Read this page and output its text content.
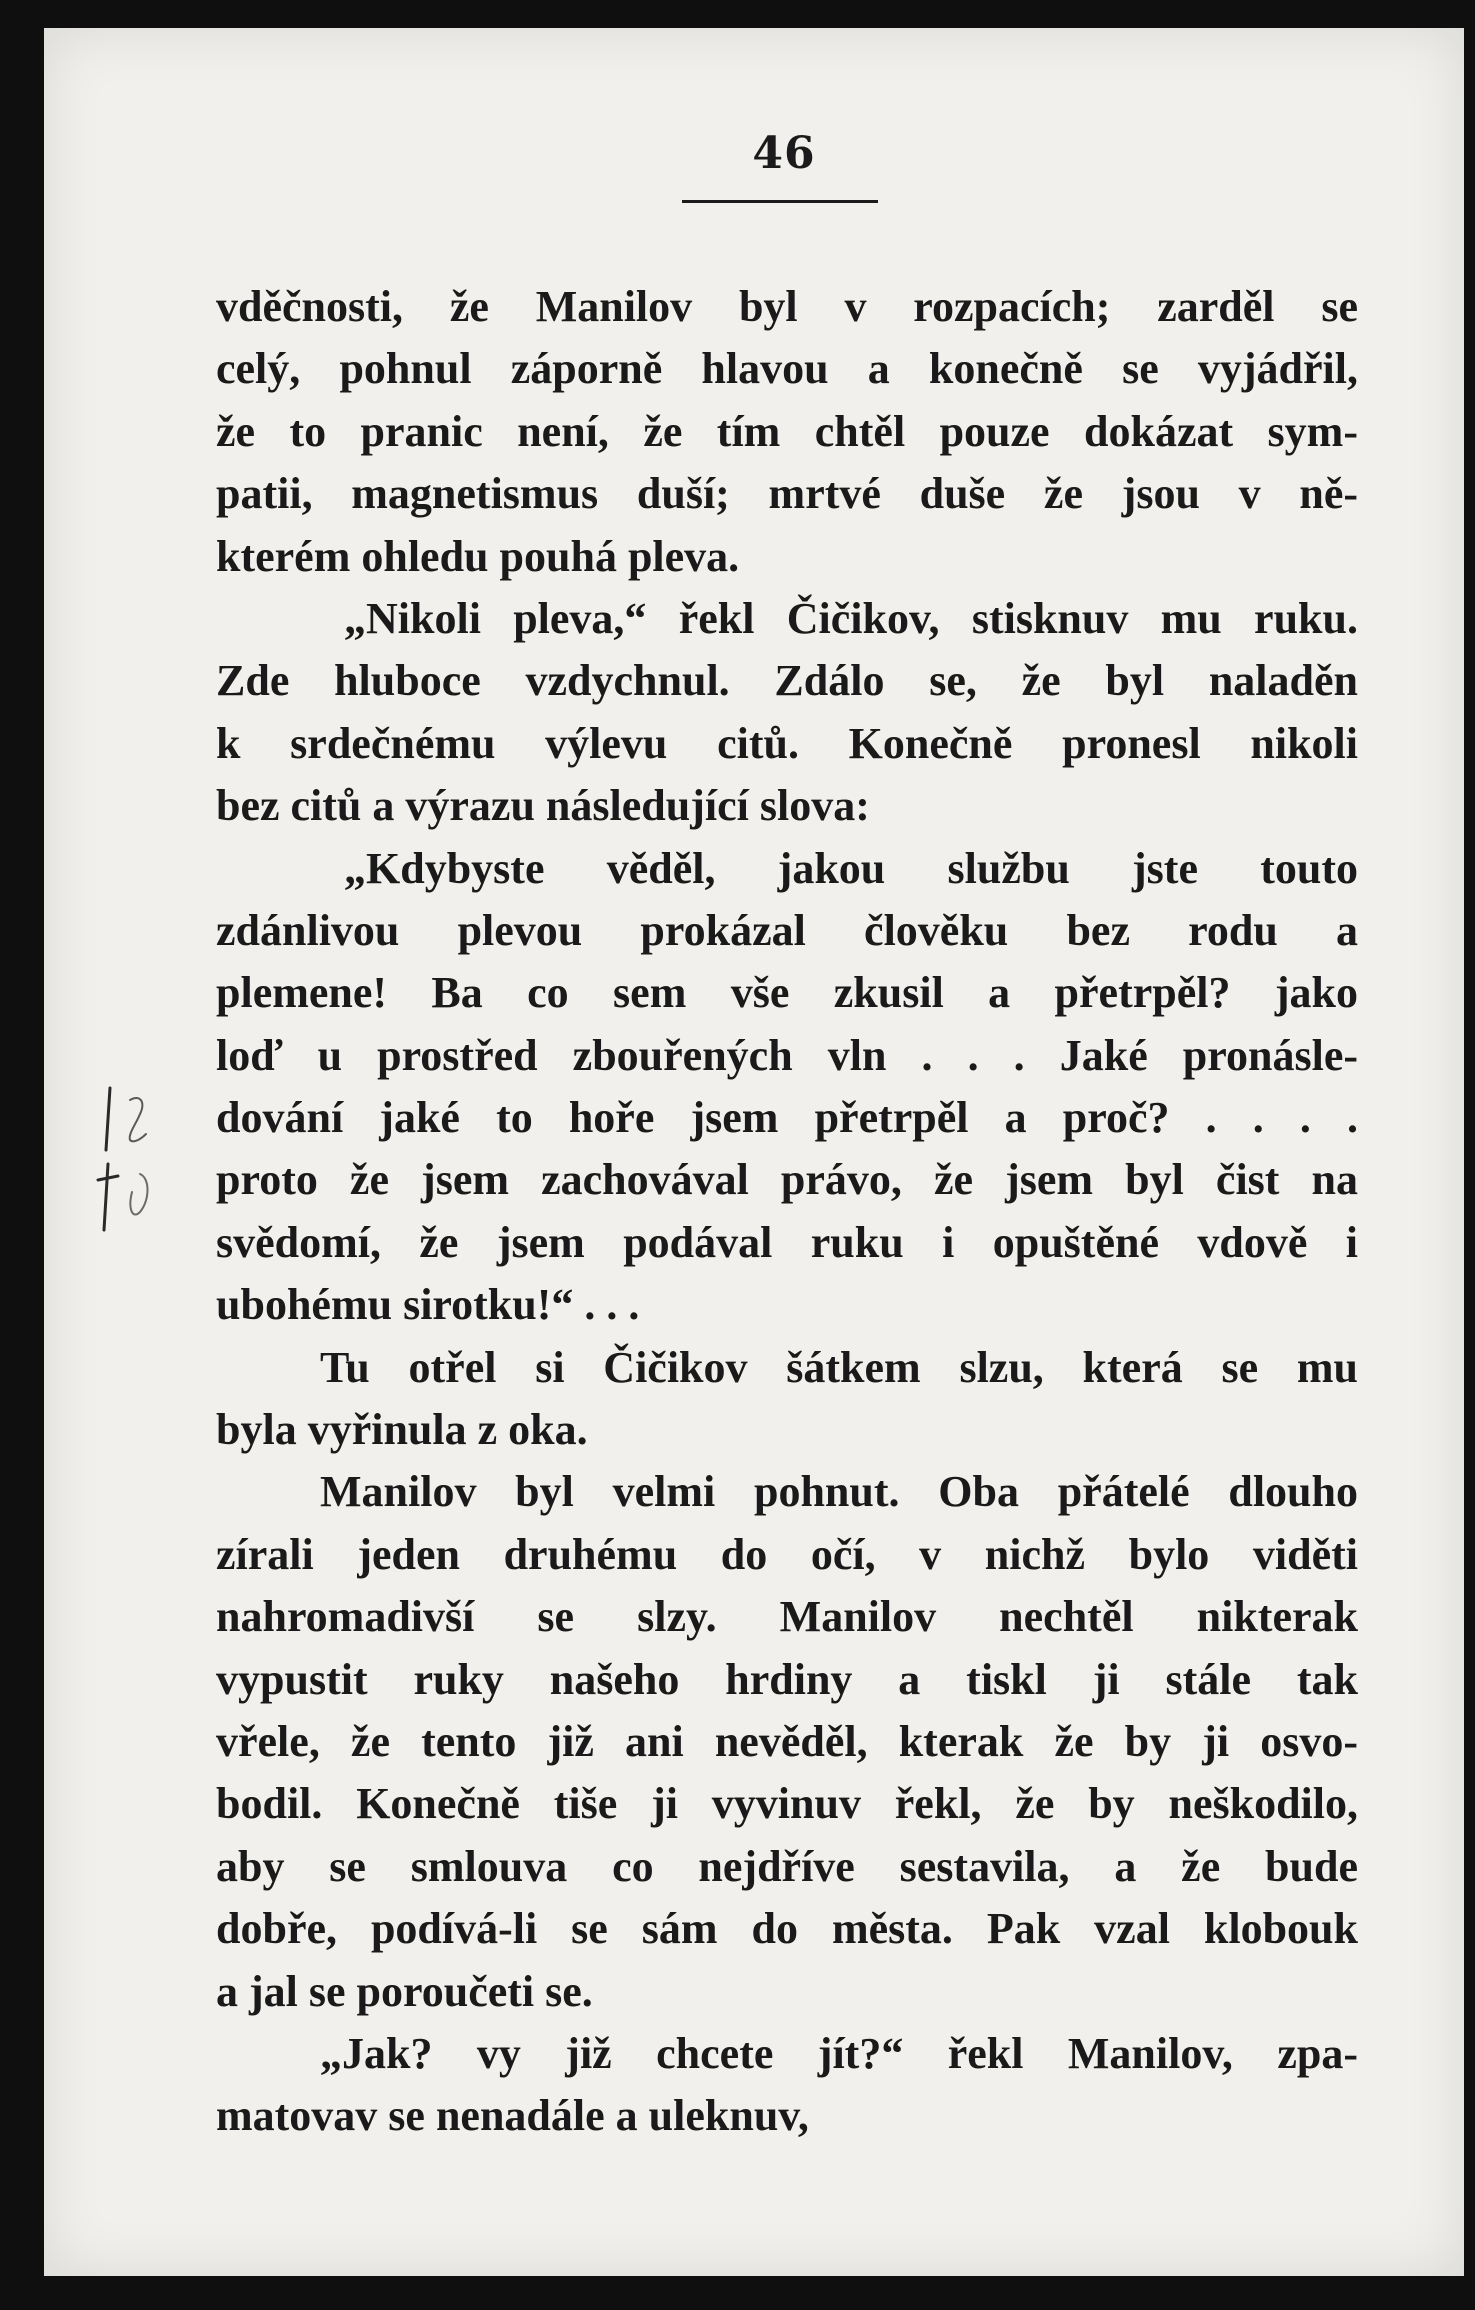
46
vděčnosti, že Manilov byl v rozpacích; zarděl se
celý, pohnul záporně hlavou a konečně se vyjádřil,
že to pranic není, že tím chtěl pouze dokázat sym-
patii, magnetismus duší; mrtvé duše že jsou v ně-
kterém ohledu pouhá pleva.
„Nikoli pleva,“ řekl Čičikov, stisknuv mu ruku.
Zde hluboce vzdychnul. Zdálo se, že byl naladěn
k srdečnému výlevu citů. Konečně pronesl nikoli
bez citů a výrazu následující slova:
„Kdybyste věděl, jakou službu jste touto
zdánlivou plevou prokázal člověku bez rodu a
plemene! Ba co sem vše zkusil a přetrpěl? jako
loď u prostřed zbouřených vln . . . Jaké pronásle-
dování jaké to hoře jsem přetrpěl a proč? . . . .
proto že jsem zachovával právo, že jsem byl čist na
svědomí, že jsem podával ruku i opuštěné vdově i
ubohému sirotku!“ . . .
Tu otřel si Čičikov šátkem slzu, která se mu
byla vyřinula z oka.
Manilov byl velmi pohnut. Oba přátelé dlouho
zírali jeden druhému do očí, v nichž bylo viděti
nahromadivší se slzy. Manilov nechtěl nikterak
vypustit ruky našeho hrdiny a tiskl ji stále tak
vřele, že tento již ani nevěděl, kterak že by ji osvo-
bodil. Konečně tiše ji vyvinuv řekl, že by neškodilo,
aby se smlouva co nejdříve sestavila, a že bude
dobře, podívá-li se sám do města. Pak vzal klobouk
a jal se poroučeti se.
„Jak? vy již chcete jít?“ řekl Manilov, zpa-
matovav se nenadále a uleknuv,
